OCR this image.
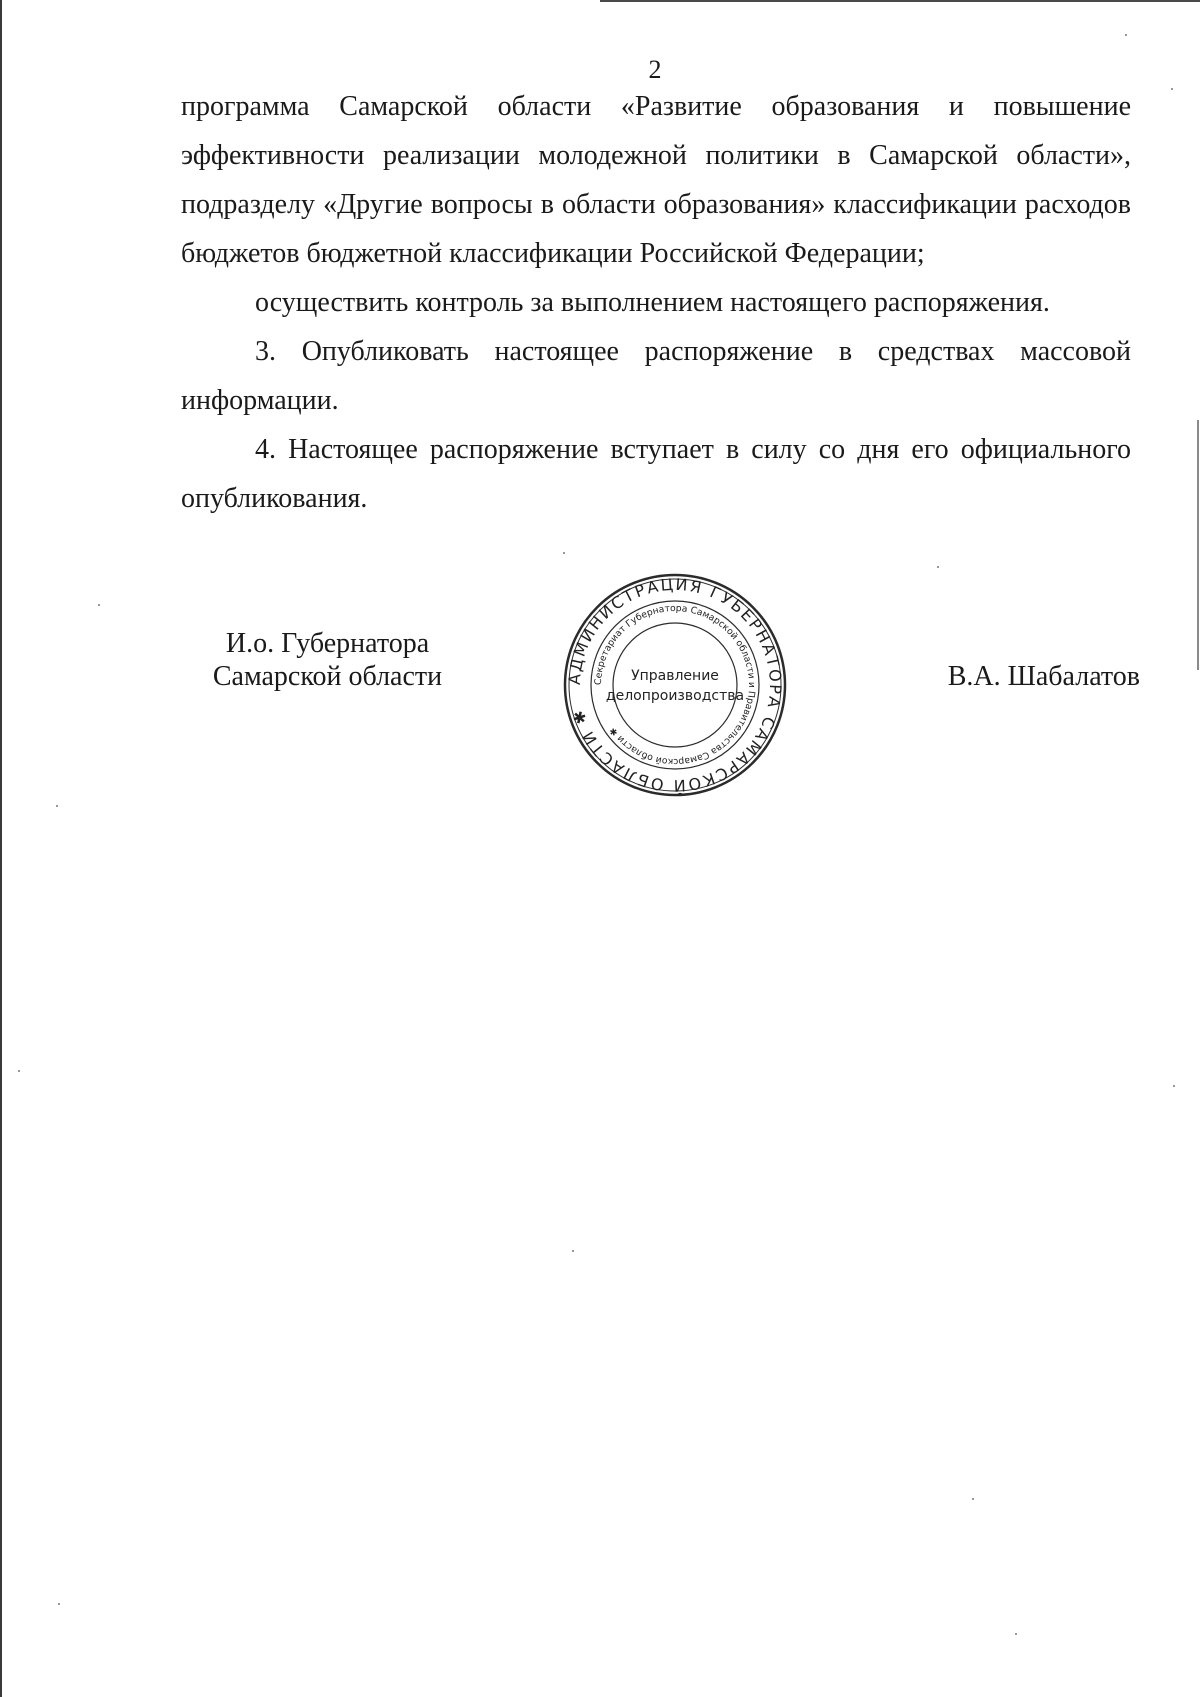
2

программа Самарской области «Развитие образования и повышение эффективности реализации молодежной политики в Самарской области», подразделу «Другие вопросы в области образования» классификации расходов бюджетов бюджетной классификации Российской Федерации;

осуществить контроль за выполнением настоящего распоряжения.

3. Опубликовать настоящее распоряжение в средствах массовой информации.

4. Настоящее распоряжение вступает в силу со дня его официального опубликования.

И.о. Губернатора
Самарской области	В.А. Шабалатов
АДМИНИСТРАЦИЯ ГУБЕРНАТОРА САМАРСКОЙ ОБЛАСТИ ✱
Секретариат Губернатора Самарской области и Правительства Самарской области ✱
Управление
делопроизводства
